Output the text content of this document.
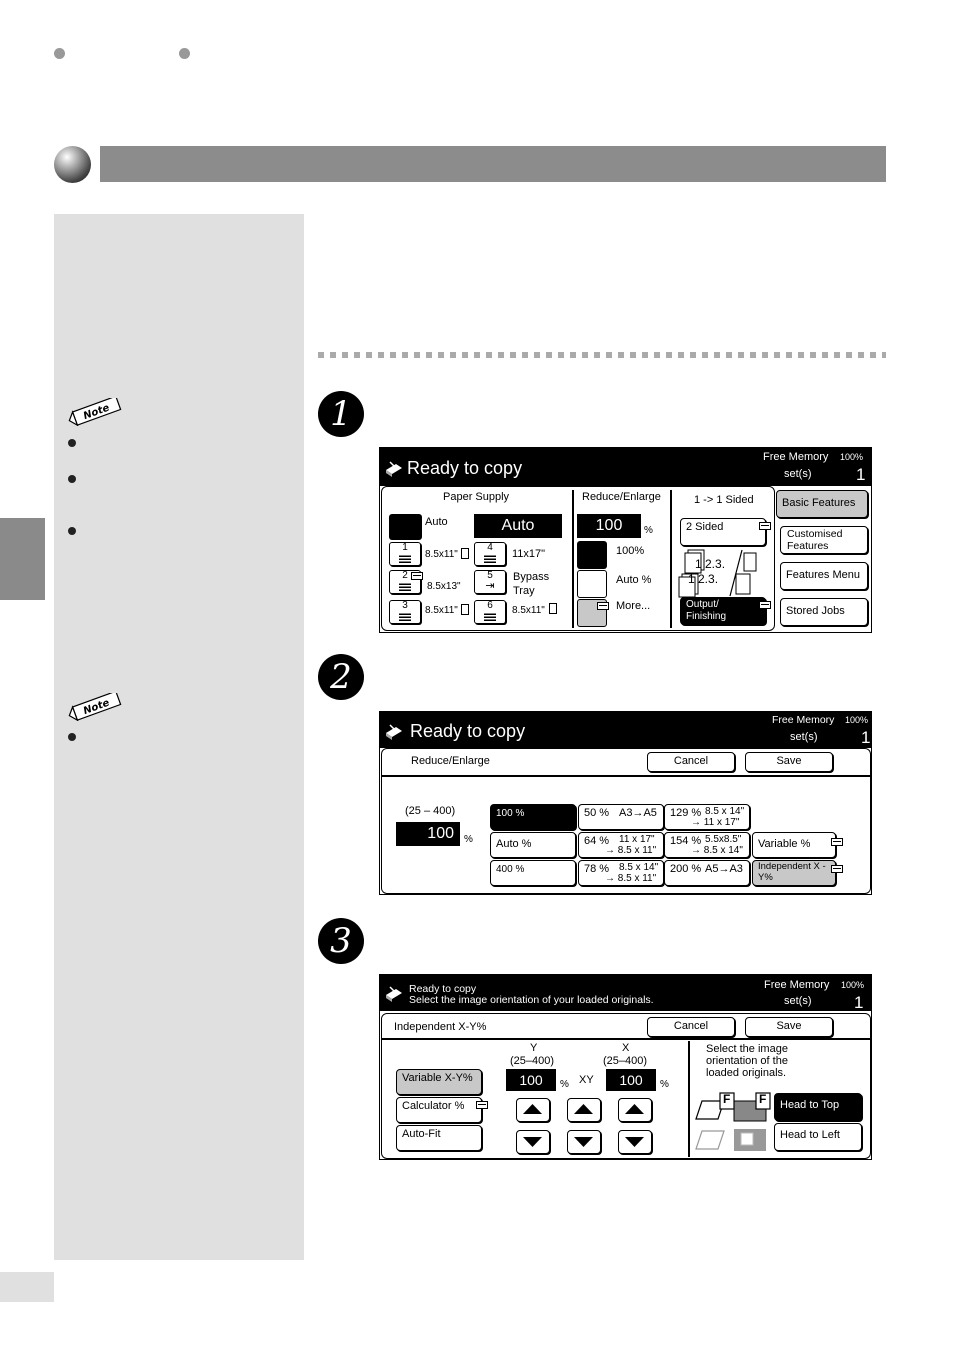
Note
Note
1
2
3
Ready to copy
Free Memory 100%
set(s)	1
Paper Supply
Auto	Auto
1
8.5x11"
2
8.5x13"
3	8.5x11"
4
11x17"
5
⇥
Bypass Tray
6	8.5x11"
Reduce/Enlarge
100	%
100%
Auto %
More...
1 -> 1 Sided
2 Sided
1 2.3.
1 2.3.
Output/ Finishing
Basic Features
Customised Features
Features Menu
Stored Jobs
Ready to copy
Free Memory 100%
set(s)	1
Reduce/Enlarge	Cancel	Save
(25 – 400)
100	%
100 %
Auto %
400 %
50 % A3→A5
64 % 11 x 17"
→ 8.5 x 11"
78 % 8.5 x 14"
→ 8.5 x 11"
129 % 8.5 x 14"
→ 11 x 17"
154 % 5.5x8.5"
→ 8.5 x 14"
200 % A5→A3
Variable %
Independent X - Y%
Ready to copy
Select the image orientation of your loaded originals.
Free Memory 100%
set(s)	1
Independent X-Y%	Cancel	Save
Variable X-Y%
Calculator %
Auto-Fit
Y
(25–400)
100	% XY
X
(25–400)
100	%
Select the image orientation of the loaded originals.
F F	Head to Top
Head to Left
